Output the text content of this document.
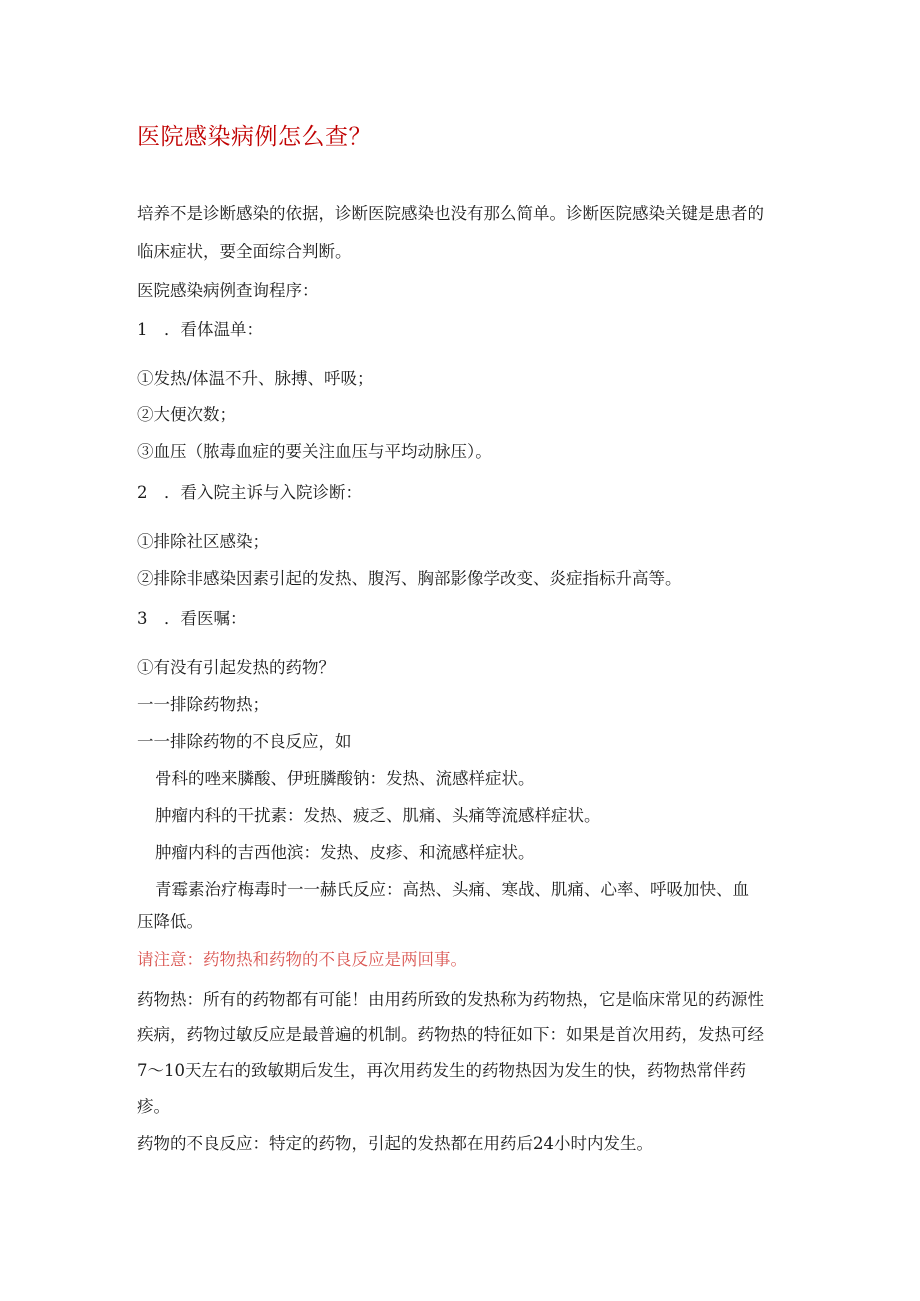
医院感染病例怎么查？
培养不是诊断感染的依据，诊断医院感染也没有那么简单。诊断医院感染关键是患者的
临床症状，要全面综合判断。
医院感染病例查询程序：
1　．看体温单：
①发热/体温不升、脉搏、呼吸；
②大便次数；
③血压（脓毒血症的要关注血压与平均动脉压）。
2　．看入院主诉与入院诊断：
①排除社区感染；
②排除非感染因素引起的发热、腹泻、胸部影像学改变、炎症指标升高等。
3　．看医嘱：
①有没有引起发热的药物？
一一排除药物热；
一一排除药物的不良反应，如
骨科的唑来膦酸、伊班膦酸钠：发热、流感样症状。
肿瘤内科的干扰素：发热、疲乏、肌痛、头痛等流感样症状。
肿瘤内科的吉西他滨：发热、皮疹、和流感样症状。
青霉素治疗梅毒时一一赫氏反应：高热、头痛、寒战、肌痛、心率、呼吸加快、血
压降低。
请注意：药物热和药物的不良反应是两回事。
药物热：所有的药物都有可能！由用药所致的发热称为药物热，它是临床常见的药源性
疾病，药物过敏反应是最普遍的机制。药物热的特征如下：如果是首次用药，发热可经
7～10天左右的致敏期后发生，再次用药发生的药物热因为发生的快，药物热常伴药
疹。
药物的不良反应：特定的药物，引起的发热都在用药后24小时内发生。
